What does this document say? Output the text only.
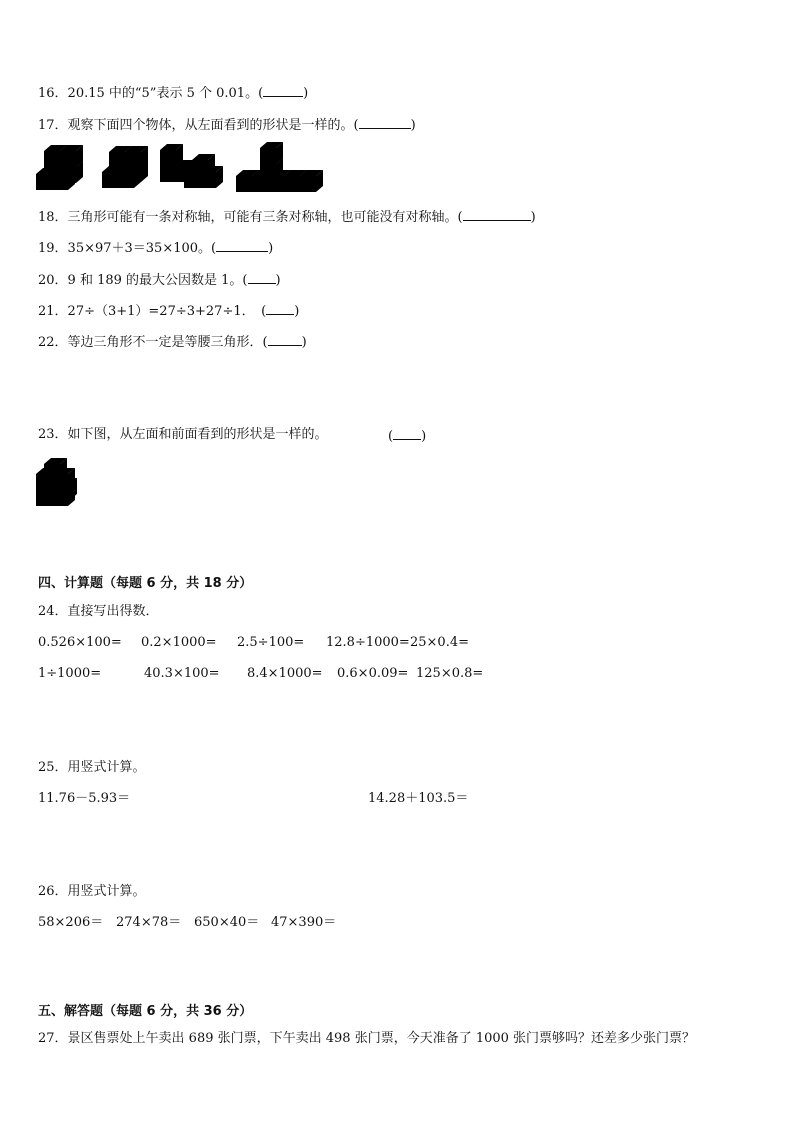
16．20.15 中的“5”表示 5 个 0.01。(	)
17．观察下面四个物体，从左面看到的形状是一样的。(	)
18．三角形可能有一条对称轴，可能有三条对称轴，也可能没有对称轴。(	)
19．35×97＋3＝35×100。(	)
20．9 和 189 的最大公因数是 1。( )
21．27÷（3+1）=27÷3+27÷1．　( )
22．等边三角形不一定是等腰三角形．(	)
23．如下图，从左面和前面看到的形状是一样的。	( )
四、计算题（每题 6 分，共 18 分）
24．直接写出得数．
0.526×100= 0.2×1000= 2.5÷100= 12.8÷1000= 25×0.4=
1÷1000=	40.3×100= 8.4×1000= 0.6×0.09= 125×0.8=
25．用竖式计算。
11.76－5.93＝	14.28＋103.5＝
26．用竖式计算。
58×206＝ 274×78＝ 650×40＝ 47×390＝
五、解答题（每题 6 分，共 36 分）
27．景区售票处上午卖出 689 张门票，下午卖出 498 张门票，今天准备了 1000 张门票够吗？还差多少张门票？
